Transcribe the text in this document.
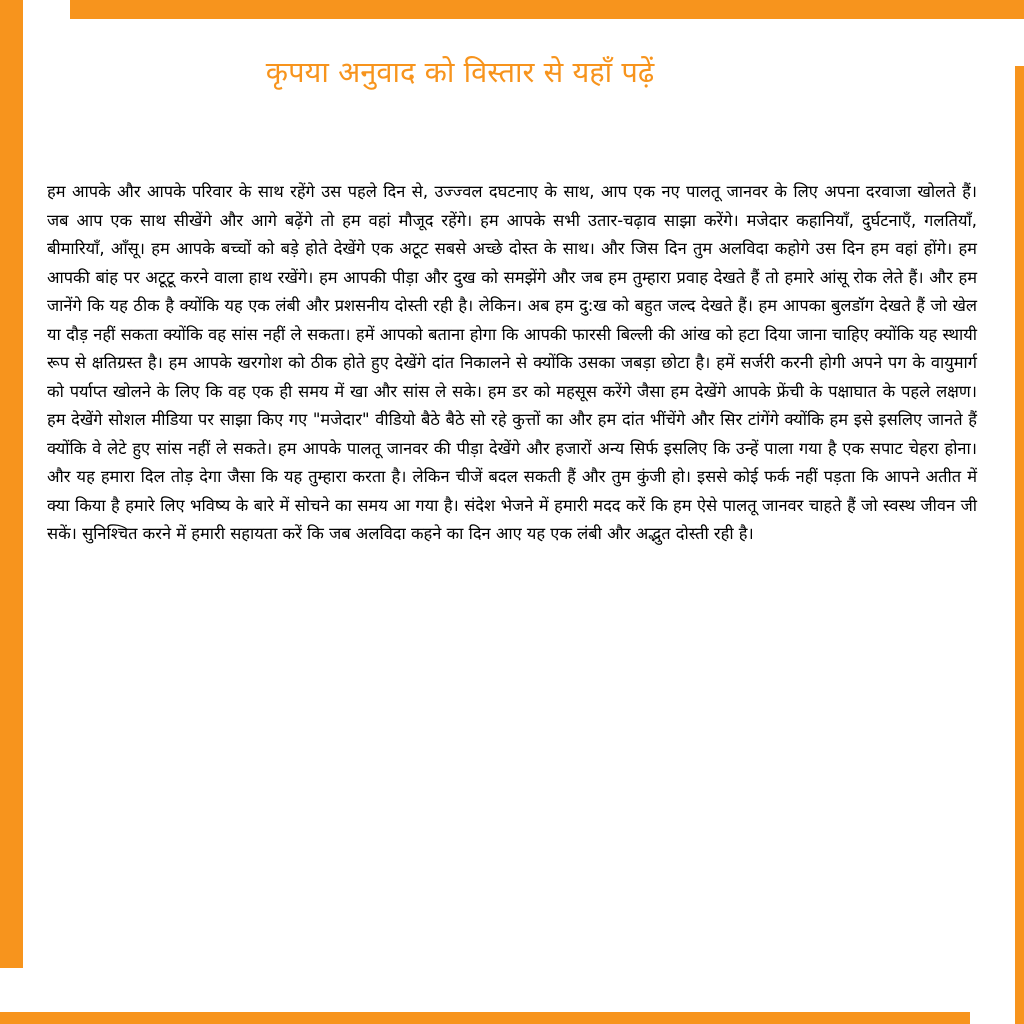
कृपया अनुवाद को विस्तार से यहाँ पढ़ें

हम आपके और आपके परिवार के साथ रहेंगे उस पहले दिन से, उज्ज्वल दघटनाए के साथ, आप एक नए पालतू जानवर के लिए अपना दरवाजा खोलते हैं।   जब आप एक साथ सीखेंगे और आगे बढ़ेंगे तो हम वहां मौजूद रहेंगे। हम आपके सभी उतार-चढ़ाव साझा करेंगे। मजेदार कहानियाँ, दुर्घटनाएँ, गलतियाँ, बीमारियाँ, आँसू। हम आपके बच्चों को बड़े होते देखेंगे एक अटूट सबसे अच्छे दोस्त के साथ। और जिस दिन तुम अलविदा कहोगे उस दिन हम वहां होंगे। हम आपकी बांह पर अटूटू करने वाला हाथ रखेंगे। हम आपकी पीड़ा और दुख को समझेंगे और जब हम तुम्हारा प्रवाह देखते हैं तो हमारे आंसू रोक लेते हैं। और हम जानेंगे कि यह ठीक है क्योंकि यह एक लंबी और प्रशसनीय दोस्ती रही है। लेकिन। अब हम दु:ख को बहुत जल्द देखते हैं। हम आपका बुलडॉग देखते हैं जो खेल या दौड़ नहीं सकता क्योंकि वह सांस नहीं ले सकता। हमें आपको बताना होगा कि आपकी फारसी बिल्ली की आंख को हटा दिया जाना चाहिए क्योंकि यह स्थायी रूप से क्षतिग्रस्त है। हम आपके खरगोश को ठीक होते हुए देखेंगे दांत निकालने से क्योंकि उसका जबड़ा छोटा है। हमें सर्जरी करनी होगी अपने पग के वायुमार्ग को पर्याप्त खोलने के लिए कि वह एक ही समय में खा और सांस ले सके। हम डर को महसूस करेंगे जैसा हम देखेंगे आपके फ्रेंची के पक्षाघात के पहले लक्षण। हम देखेंगे सोशल मीडिया पर साझा किए गए "मजेदार" वीडियो बैठे बैठे सो रहे कुत्तों का और हम दांत भींचेंगे और सिर टांगेंगे क्योंकि हम इसे इसलिए जानते हैं क्योंकि वे लेटे हुए सांस नहीं ले सकते। हम आपके पालतू जानवर की पीड़ा देखेंगे और हजारों अन्य सिर्फ इसलिए कि उन्हें पाला गया है एक सपाट चेहरा होना। और यह हमारा दिल तोड़ देगा जैसा कि यह तुम्हारा करता है। लेकिन चीजें बदल सकती हैं और तुम कुंजी हो। इससे कोई फर्क नहीं पड़ता कि आपने अतीत में क्या किया है हमारे लिए भविष्य के बारे में सोचने का समय आ गया है। संदेश भेजने में हमारी मदद करें कि हम ऐसे पालतू जानवर चाहते हैं जो स्वस्थ जीवन जी सकें। सुनिश्चित करने में हमारी सहायता करें कि जब अलविदा कहने का दिन आए यह एक लंबी और अद्भुत दोस्ती रही है।
